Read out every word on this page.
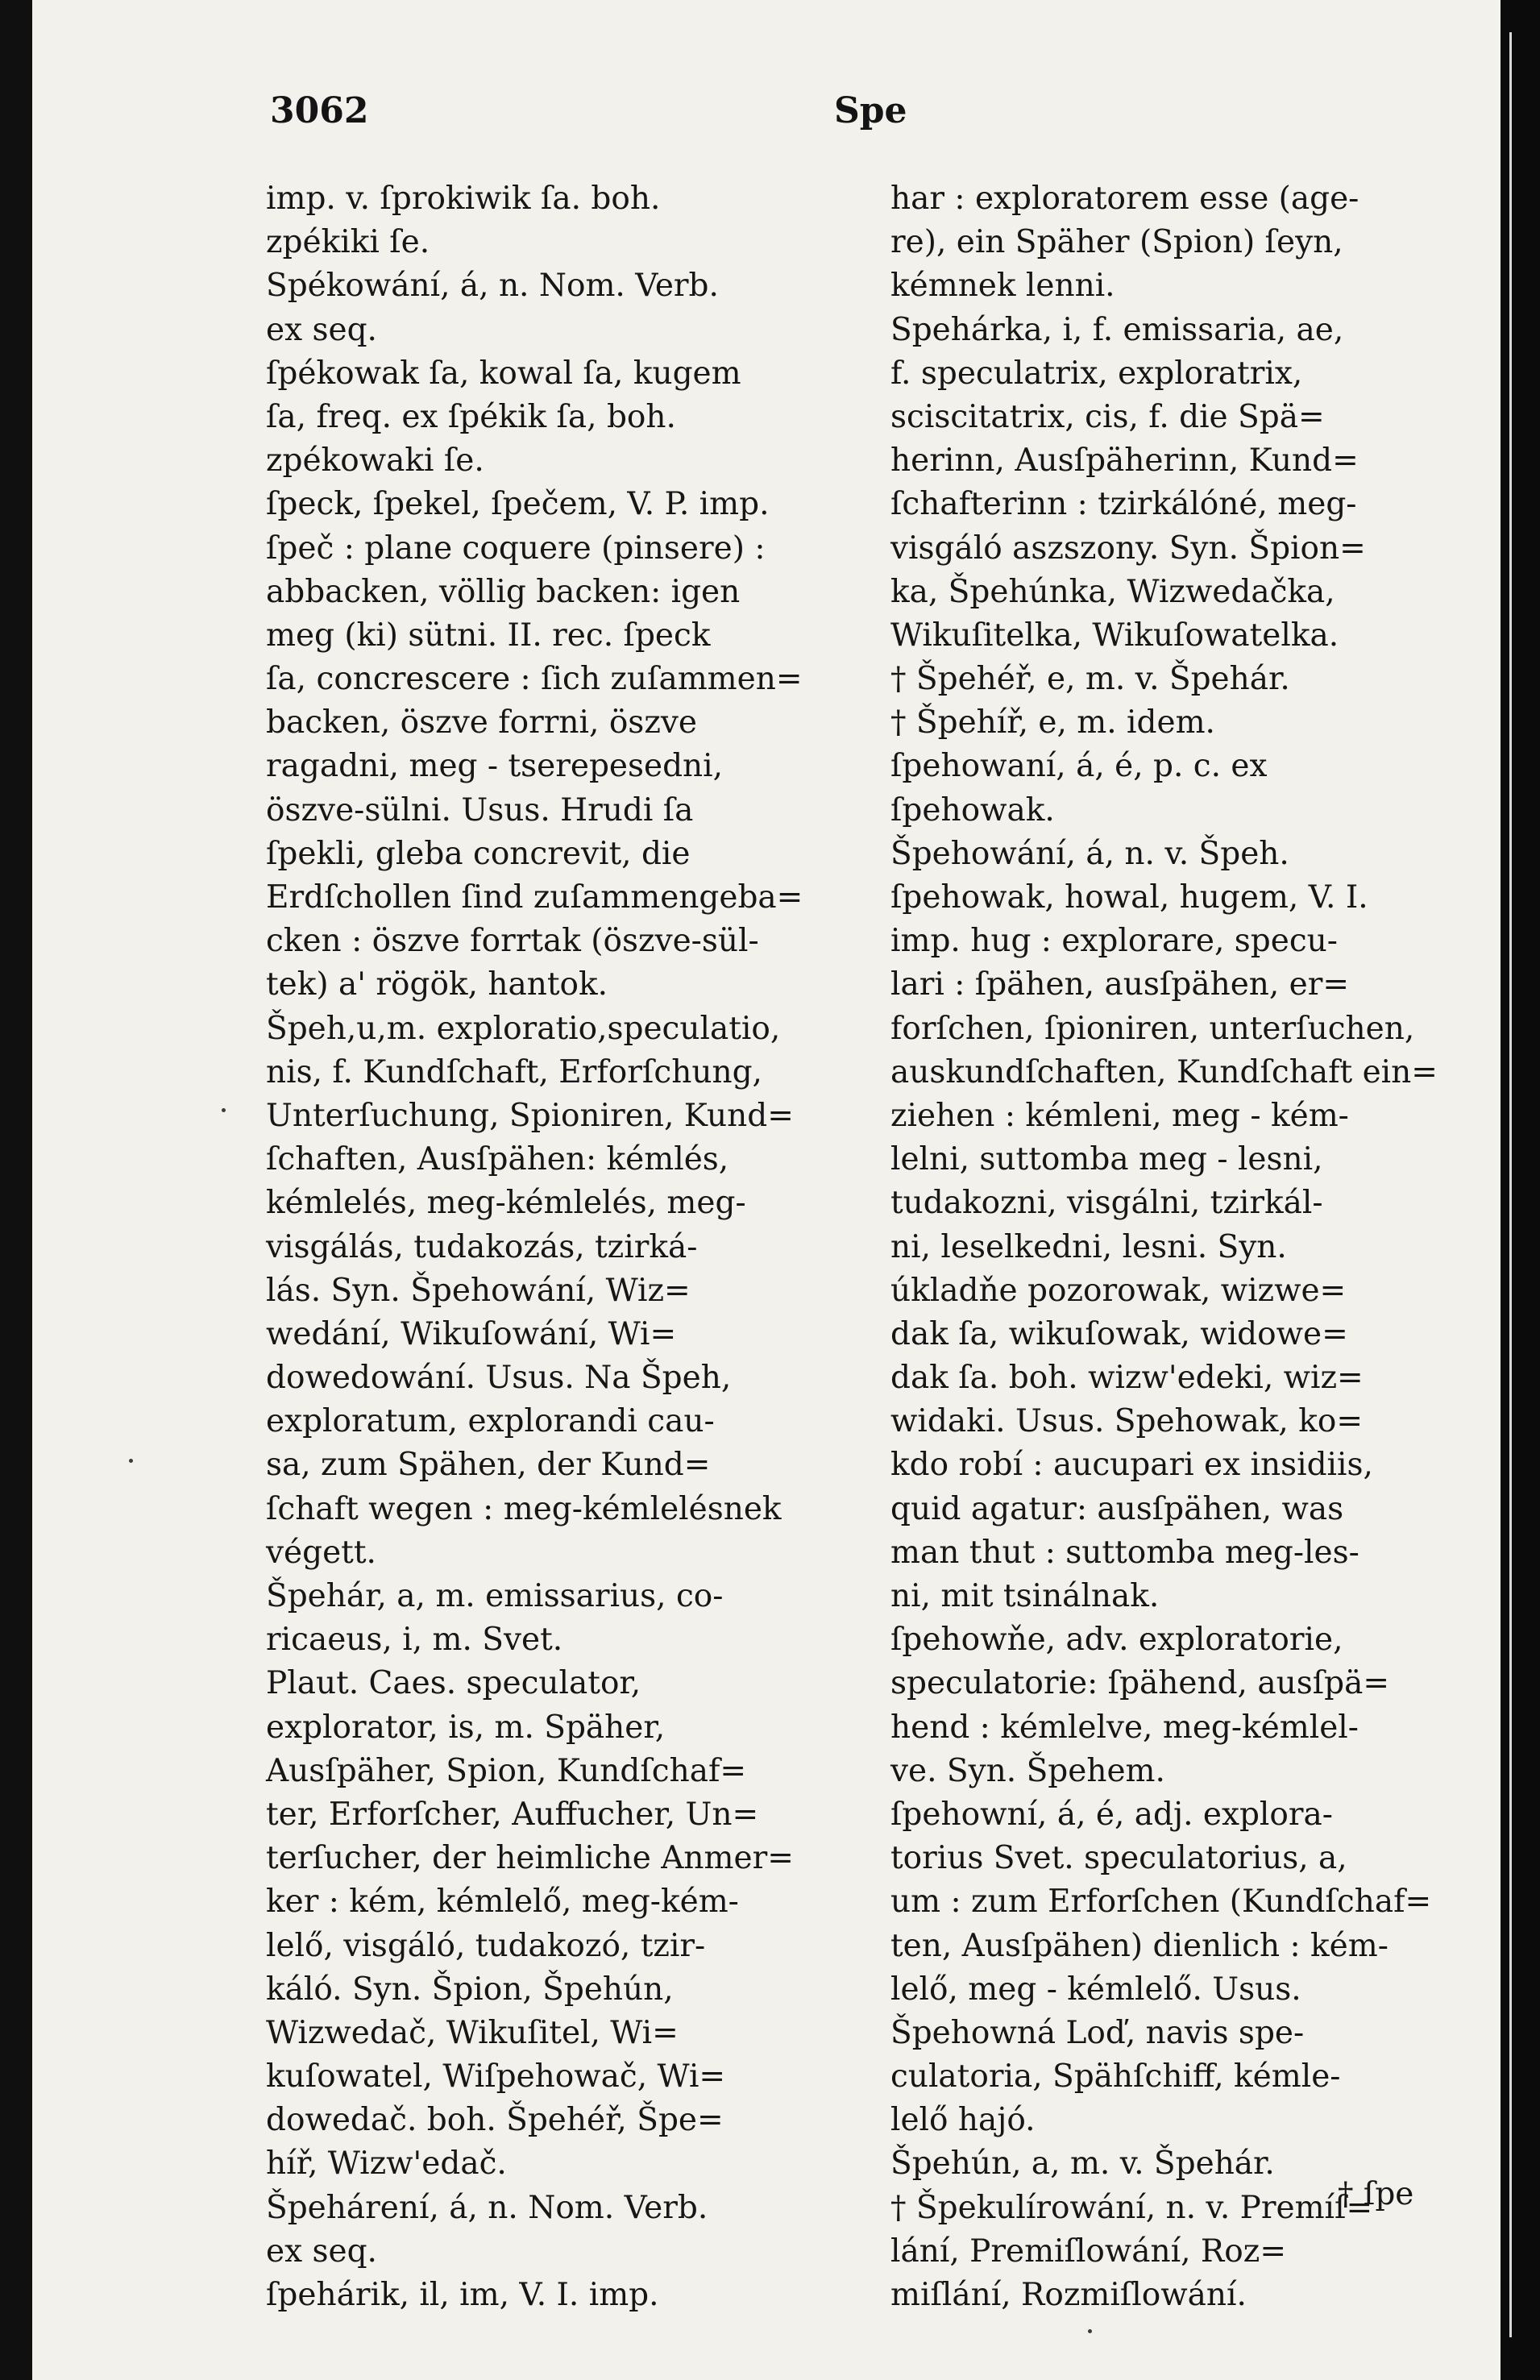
3062	Spe
imp. v. ſprokiwik ſa. boh.
zpékiki ſe.
Spékowání, á, n. Nom. Verb.
ex seq.
ſpékowak ſa, kowal ſa, kugem
ſa, freq. ex ſpékik ſa, boh.
zpékowaki ſe.
ſpeck, ſpekel, ſpečem, V. P. imp.
ſpeč : plane coquere (pinsere) :
abbacken, völlig backen: igen
meg (ki) sütni. II. rec. ſpeck
ſa, concrescere : ſich zuſammen=
backen, öszve forrni, öszve
ragadni, meg - tserepesedni,
öszve-sülni. Usus. Hrudi ſa
ſpekli, gleba concrevit, die
Erdſchollen ſind zuſammengeba=
cken : öszve forrtak (öszve-sül-
tek) a' rögök, hantok.
Špeh,u,m. exploratio,speculatio,
nis, f. Kundſchaft, Erforſchung,
Unterſuchung, Spioniren, Kund=
ſchaften, Ausſpähen: kémlés,
kémlelés, meg-kémlelés, meg-
visgálás, tudakozás, tzirká-
lás. Syn. Špehowání, Wiz=
wedání, Wikuſowání, Wi=
dowedowání. Usus. Na Špeh,
exploratum, explorandi cau-
sa, zum Spähen, der Kund=
ſchaft wegen : meg-kémlelésnek
végett.
Špehár, a, m. emissarius, co-
ricaeus, i, m. Svet.
Plaut. Caes. speculator,
explorator, is, m. Späher,
Ausſpäher, Spion, Kundſchaf=
ter, Erforſcher, Auffucher, Un=
terſucher, der heimliche Anmer=
ker : kém, kémlelő, meg-kém-
lelő, visgáló, tudakozó, tzir-
káló. Syn. Špion, Špehún,
Wizwedač, Wikuſitel, Wi=
kuſowatel, Wiſpehowač, Wi=
dowedač. boh. Špehéř, Špe=
híř, Wizw'edač.
Špehárení, á, n. Nom. Verb.
ex seq.
ſpehárik, il, im, V. I. imp.
har : exploratorem esse (age-
re), ein Späher (Spion) ſeyn,
kémnek lenni.
Spehárka, i, f. emissaria, ae,
f. speculatrix, exploratrix,
sciscitatrix, cis, f. die Spä=
herinn, Ausſpäherinn, Kund=
ſchafterinn : tzirkálóné, meg-
visgáló aszszony. Syn. Špion=
ka, Špehúnka, Wizwedačka,
Wikuſitelka, Wikuſowatelka.
† Špehéř, e, m. v. Špehár.
† Špehíř, e, m. idem.
ſpehowaní, á, é, p. c. ex
ſpehowak.
Špehowání, á, n. v. Špeh.
ſpehowak, howal, hugem, V. I.
imp. hug : explorare, specu-
lari : ſpähen, ausſpähen, er=
forſchen, ſpioniren, unterſuchen,
auskundſchaften, Kundſchaft ein=
ziehen : kémleni, meg - kém-
lelni, suttomba meg - lesni,
tudakozni, visgálni, tzirkál-
ni, leselkedni, lesni. Syn.
úkladňe pozorowak, wizwe=
dak ſa, wikuſowak, widowe=
dak ſa. boh. wizw'edeki, wiz=
widaki. Usus. Spehowak, ko=
kdo robí : aucupari ex insidiis,
quid agatur: ausſpähen, was
man thut : suttomba meg-les-
ni, mit tsinálnak.
ſpehowňe, adv. exploratorie,
speculatorie: ſpähend, ausſpä=
hend : kémlelve, meg-kémlel-
ve. Syn. Špehem.
ſpehowní, á, é, adj. explora-
torius Svet. speculatorius, a,
um : zum Erforſchen (Kundſchaf=
ten, Ausſpähen) dienlich : kém-
lelő, meg - kémlelő. Usus.
Špehowná Loď, navis spe-
culatoria, Spähſchiff, kémle-
lelő hajó.
Špehún, a, m. v. Špehár.
† Špekulírowání, n. v. Premíſ=
lání, Premiſlowání, Roz=
miſlání, Rozmiſlowání.
† ſpe
